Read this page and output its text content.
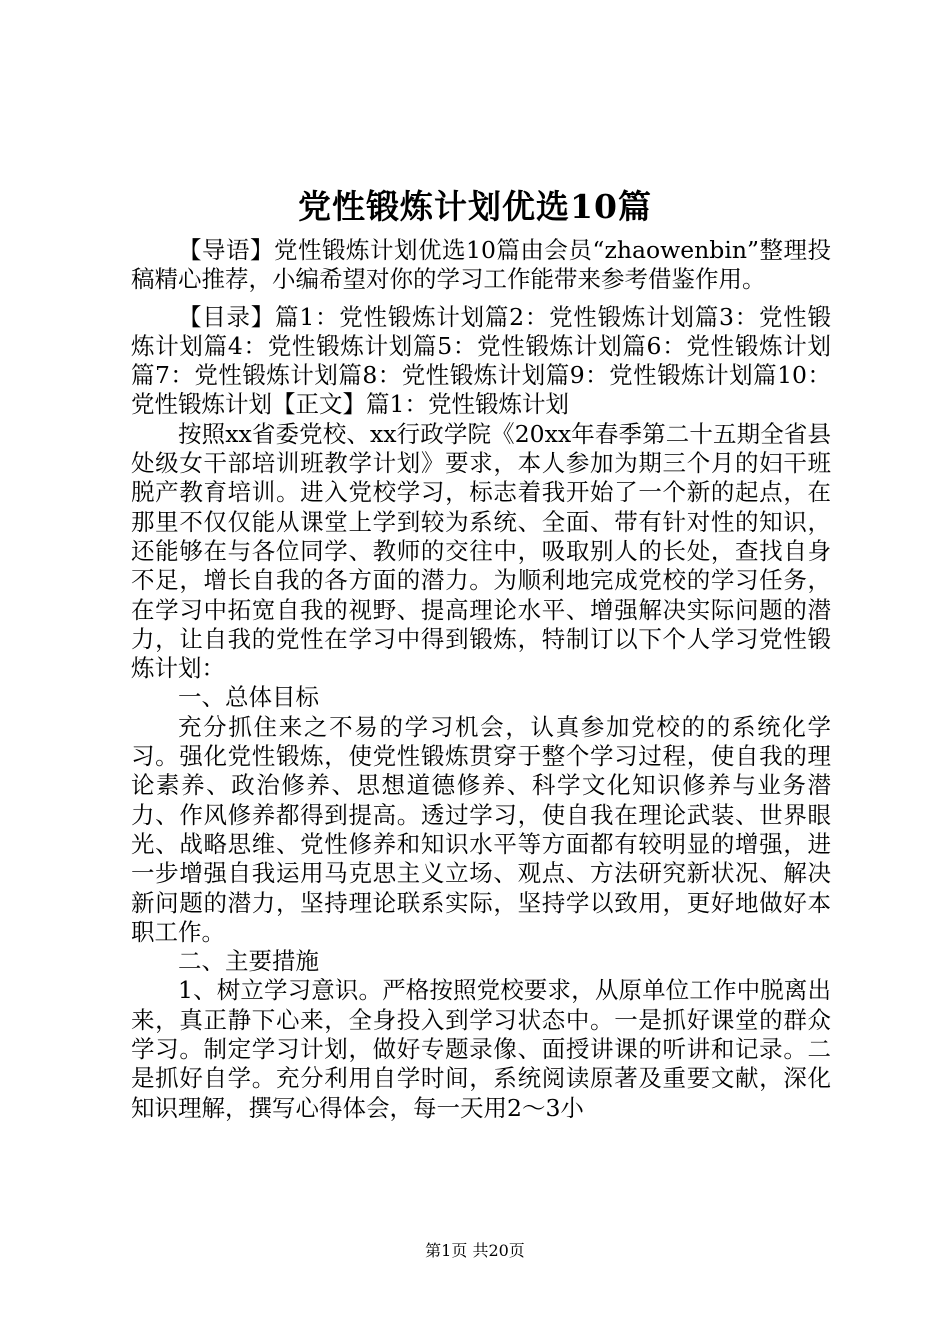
党性锻炼计划优选10篇

【导语】党性锻炼计划优选10篇由会员“zhaowenbin”整理投稿精心推荐，小编希望对你的学习工作能带来参考借鉴作用。

【目录】篇1：党性锻炼计划篇2：党性锻炼计划篇3：党性锻炼计划篇4：党性锻炼计划篇5：党性锻炼计划篇6：党性锻炼计划篇7：党性锻炼计划篇8：党性锻炼计划篇9：党性锻炼计划篇10：党性锻炼计划【正文】篇1：党性锻炼计划

按照xx省委党校、xx行政学院《20xx年春季第二十五期全省县处级女干部培训班教学计划》要求，本人参加为期三个月的妇干班脱产教育培训。进入党校学习，标志着我开始了一个新的起点，在那里不仅仅能从课堂上学到较为系统、全面、带有针对性的知识，还能够在与各位同学、教师的交往中，吸取别人的长处，查找自身不足，增长自我的各方面的潜力。为顺利地完成党校的学习任务，在学习中拓宽自我的视野、提高理论水平、增强解决实际问题的潜力，让自我的党性在学习中得到锻炼，特制订以下个人学习党性锻炼计划：

一、总体目标

充分抓住来之不易的学习机会，认真参加党校的的系统化学习。强化党性锻炼，使党性锻炼贯穿于整个学习过程，使自我的理论素养、政治修养、思想道德修养、科学文化知识修养与业务潜力、作风修养都得到提高。透过学习，使自我在理论武装、世界眼光、战略思维、党性修养和知识水平等方面都有较明显的增强，进一步增强自我运用马克思主义立场、观点、方法研究新状况、解决新问题的潜力，坚持理论联系实际，坚持学以致用，更好地做好本职工作。

二、主要措施

1、树立学习意识。严格按照党校要求，从原单位工作中脱离出来，真正静下心来，全身投入到学习状态中。一是抓好课堂的群众学习。制定学习计划，做好专题录像、面授讲课的听讲和记录。二是抓好自学。充分利用自学时间，系统阅读原著及重要文献，深化知识理解，撰写心得体会，每一天用2～3小

第1页 共20页
